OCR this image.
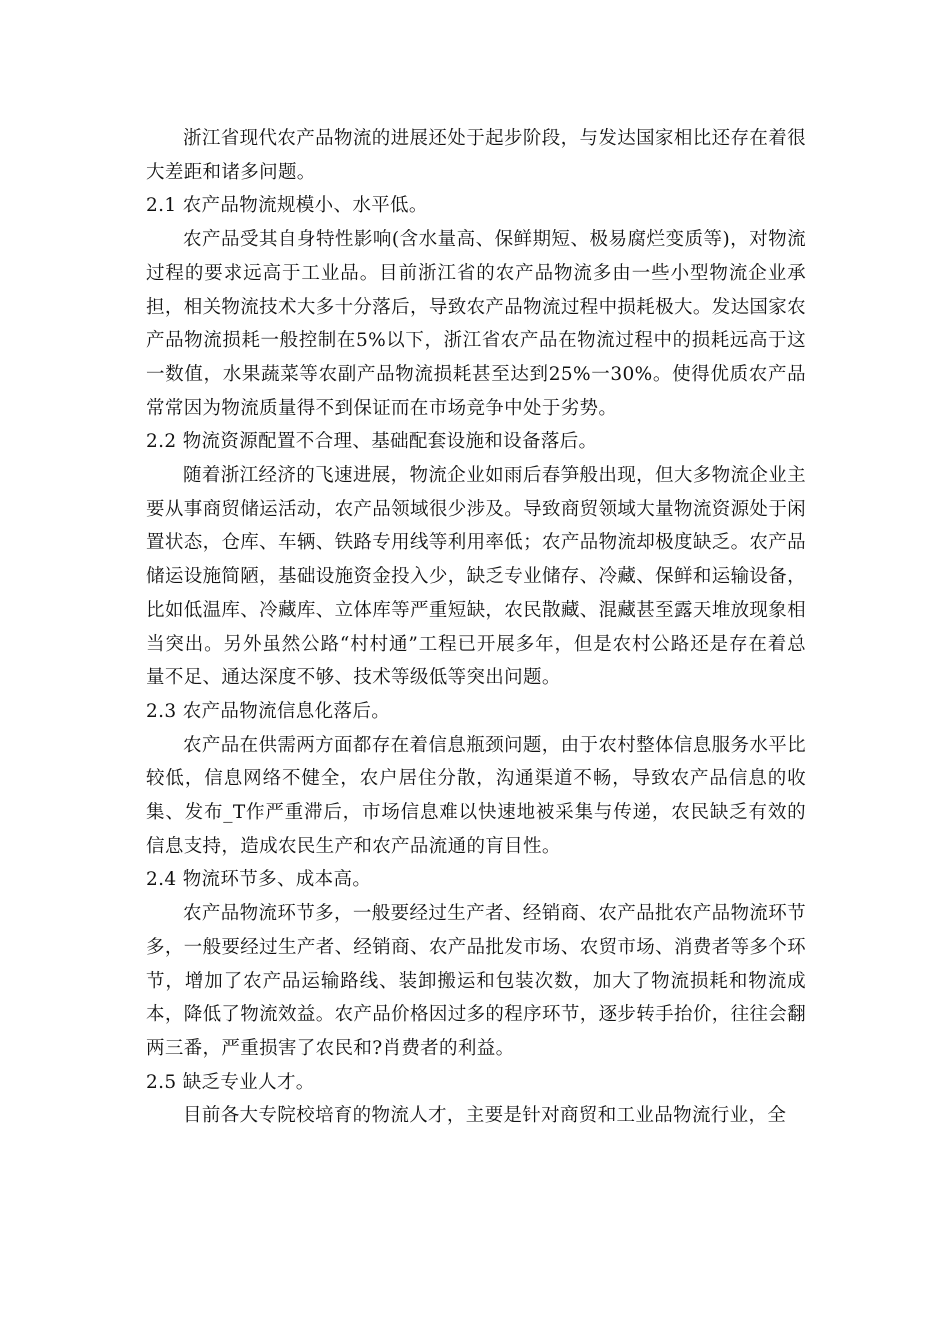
浙江省现代农产品物流的进展还处于起步阶段，与发达国家相比还存在着很大差距和诸多问题。

2.1 农产品物流规模小、水平低。

农产品受其自身特性影响(含水量高、保鲜期短、极易腐烂变质等)，对物流过程的要求远高于工业品。目前浙江省的农产品物流多由一些小型物流企业承担，相关物流技术大多十分落后，导致农产品物流过程中损耗极大。发达国家农产品物流损耗一般控制在5%以下，浙江省农产品在物流过程中的损耗远高于这一数值，水果蔬菜等农副产品物流损耗甚至达到25%一30%。使得优质农产品常常因为物流质量得不到保证而在市场竞争中处于劣势。

2.2 物流资源配置不合理、基础配套设施和设备落后。

随着浙江经济的飞速进展，物流企业如雨后春笋般出现，但大多物流企业主要从事商贸储运活动，农产品领域很少涉及。导致商贸领域大量物流资源处于闲置状态，仓库、车辆、铁路专用线等利用率低；农产品物流却极度缺乏。农产品储运设施简陋，基础设施资金投入少，缺乏专业储存、冷藏、保鲜和运输设备，比如低温库、冷藏库、立体库等严重短缺，农民散藏、混藏甚至露天堆放现象相当突出。另外虽然公路“村村通”工程已开展多年，但是农村公路还是存在着总量不足、通达深度不够、技术等级低等突出问题。

2.3 农产品物流信息化落后。

农产品在供需两方面都存在着信息瓶颈问题，由于农村整体信息服务水平比较低，信息网络不健全，农户居住分散，沟通渠道不畅，导致农产品信息的收集、发布_T作严重滞后，市场信息难以快速地被采集与传递，农民缺乏有效的信息支持，造成农民生产和农产品流通的肓目性。

2.4 物流环节多、成本高。

农产品物流环节多，一般要经过生产者、经销商、农产品批农产品物流环节多，一般要经过生产者、经销商、农产品批发市场、农贸市场、消费者等多个环节，增加了农产品运输路线、装卸搬运和包装次数，加大了物流损耗和物流成本，降低了物流效益。农产品价格因过多的程序环节，逐步转手抬价，往往会翻两三番，严重损害了农民和?肖费者的利益。

2.5 缺乏专业人才。

目前各大专院校培育的物流人才，主要是针对商贸和工业品物流行业，全
